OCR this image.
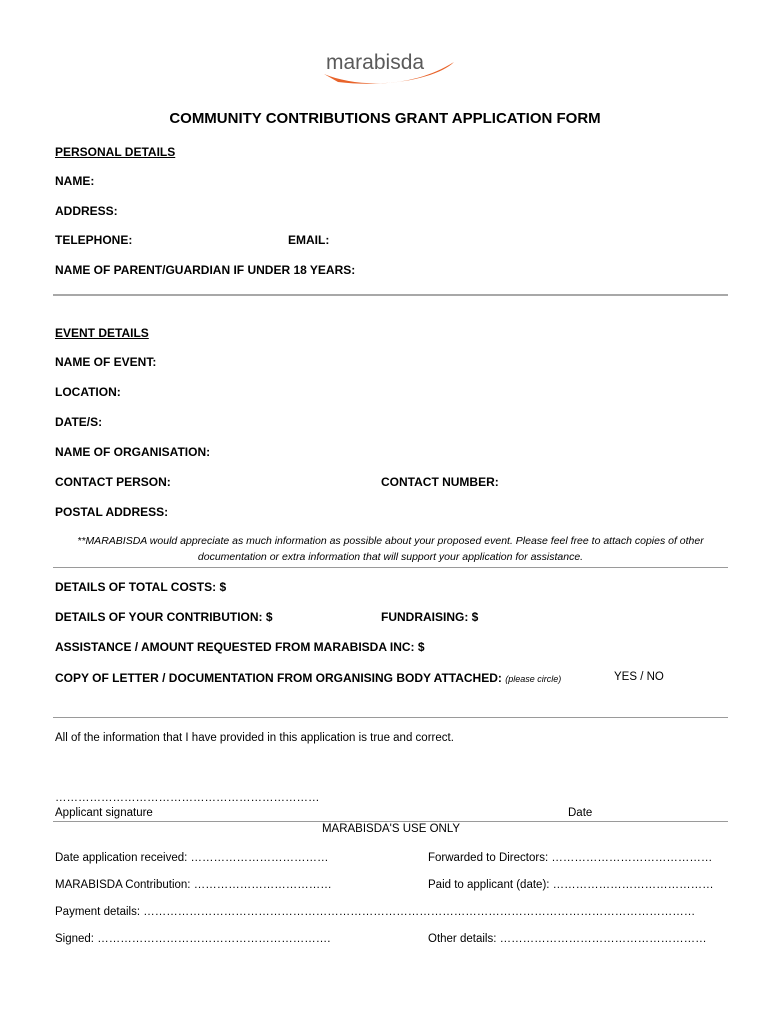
marabisda
COMMUNITY CONTRIBUTIONS GRANT APPLICATION FORM
PERSONAL DETAILS
NAME:
ADDRESS:
TELEPHONE:	EMAIL:
NAME OF PARENT/GUARDIAN IF UNDER 18 YEARS:
EVENT DETAILS
NAME OF EVENT:
LOCATION:
DATE/S:
NAME OF ORGANISATION:
CONTACT PERSON:	CONTACT NUMBER:
POSTAL ADDRESS:
**MARABISDA would appreciate as much information as possible about your proposed event. Please feel free to attach copies of other documentation or extra information that will support your application for assistance.
DETAILS OF TOTAL COSTS: $
DETAILS OF YOUR CONTRIBUTION: $	FUNDRAISING: $
ASSISTANCE / AMOUNT REQUESTED FROM MARABISDA INC: $
COPY OF LETTER / DOCUMENTATION FROM ORGANISING BODY ATTACHED: (please circle)	YES / NO
All of the information that I have provided in this application is true and correct.
……………………………………………………………
Applicant signature	Date
MARABISDA'S USE ONLY
Date application received: ………………………………	Forwarded to Directors: ……………………………………
MARABISDA Contribution: ………………………………	Paid to applicant (date): ……………………………………
Payment details: ………………………………………………………………………………………………………………………………
Signed: …………………………………………………….	Other details: ………………………………………………
